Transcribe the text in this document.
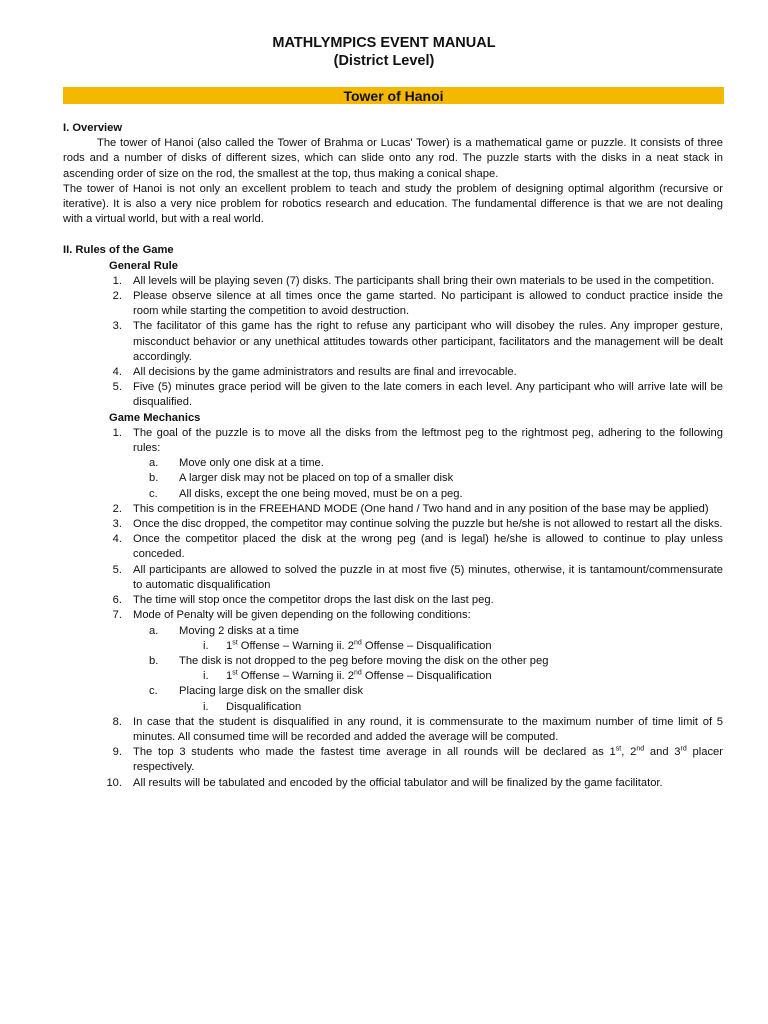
MATHLYMPICS EVENT MANUAL
(District Level)
Tower of Hanoi
I. Overview
The tower of Hanoi (also called the Tower of Brahma or Lucas' Tower) is a mathematical game or puzzle. It consists of three rods and a number of disks of different sizes, which can slide onto any rod. The puzzle starts with the disks in a neat stack in ascending order of size on the rod, the smallest at the top, thus making a conical shape.
The tower of Hanoi is not only an excellent problem to teach and study the problem of designing optimal algorithm (recursive or iterative). It is also a very nice problem for robotics research and education. The fundamental difference is that we are not dealing with a virtual world, but with a real world.
II. Rules of the Game
General Rule
1. All levels will be playing seven (7) disks. The participants shall bring their own materials to be used in the competition.
2. Please observe silence at all times once the game started. No participant is allowed to conduct practice inside the room while starting the competition to avoid destruction.
3. The facilitator of this game has the right to refuse any participant who will disobey the rules. Any improper gesture, misconduct behavior or any unethical attitudes towards other participant, facilitators and the management will be dealt accordingly.
4. All decisions by the game administrators and results are final and irrevocable.
5. Five (5) minutes grace period will be given to the late comers in each level. Any participant who will arrive late will be disqualified.
Game Mechanics
1. The goal of the puzzle is to move all the disks from the leftmost peg to the rightmost peg, adhering to the following rules:
a.	Move only one disk at a time.
b.	A larger disk may not be placed on top of a smaller disk
c.	All disks, except the one being moved, must be on a peg.
2. This competition is in the FREEHAND MODE (One hand / Two hand and in any position of the base may be applied)
3. Once the disc dropped, the competitor may continue solving the puzzle but he/she is not allowed to restart all the disks.
4. Once the competitor placed the disk at the wrong peg (and is legal) he/she is allowed to continue to play unless conceded.
5. All participants are allowed to solved the puzzle in at most five (5) minutes, otherwise, it is tantamount/commensurate to automatic disqualification
6. The time will stop once the competitor drops the last disk on the last peg.
7. Mode of Penalty will be given depending on the following conditions:
a.	Moving 2 disks at a time
i.	1st Offense – Warning ii. 2nd Offense – Disqualification
b.	The disk is not dropped to the peg before moving the disk on the other peg
i.	1st Offense – Warning ii. 2nd Offense – Disqualification
c.	Placing large disk on the smaller disk
i.	Disqualification
8. In case that the student is disqualified in any round, it is commensurate to the maximum number of time limit of 5 minutes. All consumed time will be recorded and added the average will be computed.
9. The top 3 students who made the fastest time average in all rounds will be declared as 1st, 2nd and 3rd placer respectively.
10. All results will be tabulated and encoded by the official tabulator and will be finalized by the game facilitator.
